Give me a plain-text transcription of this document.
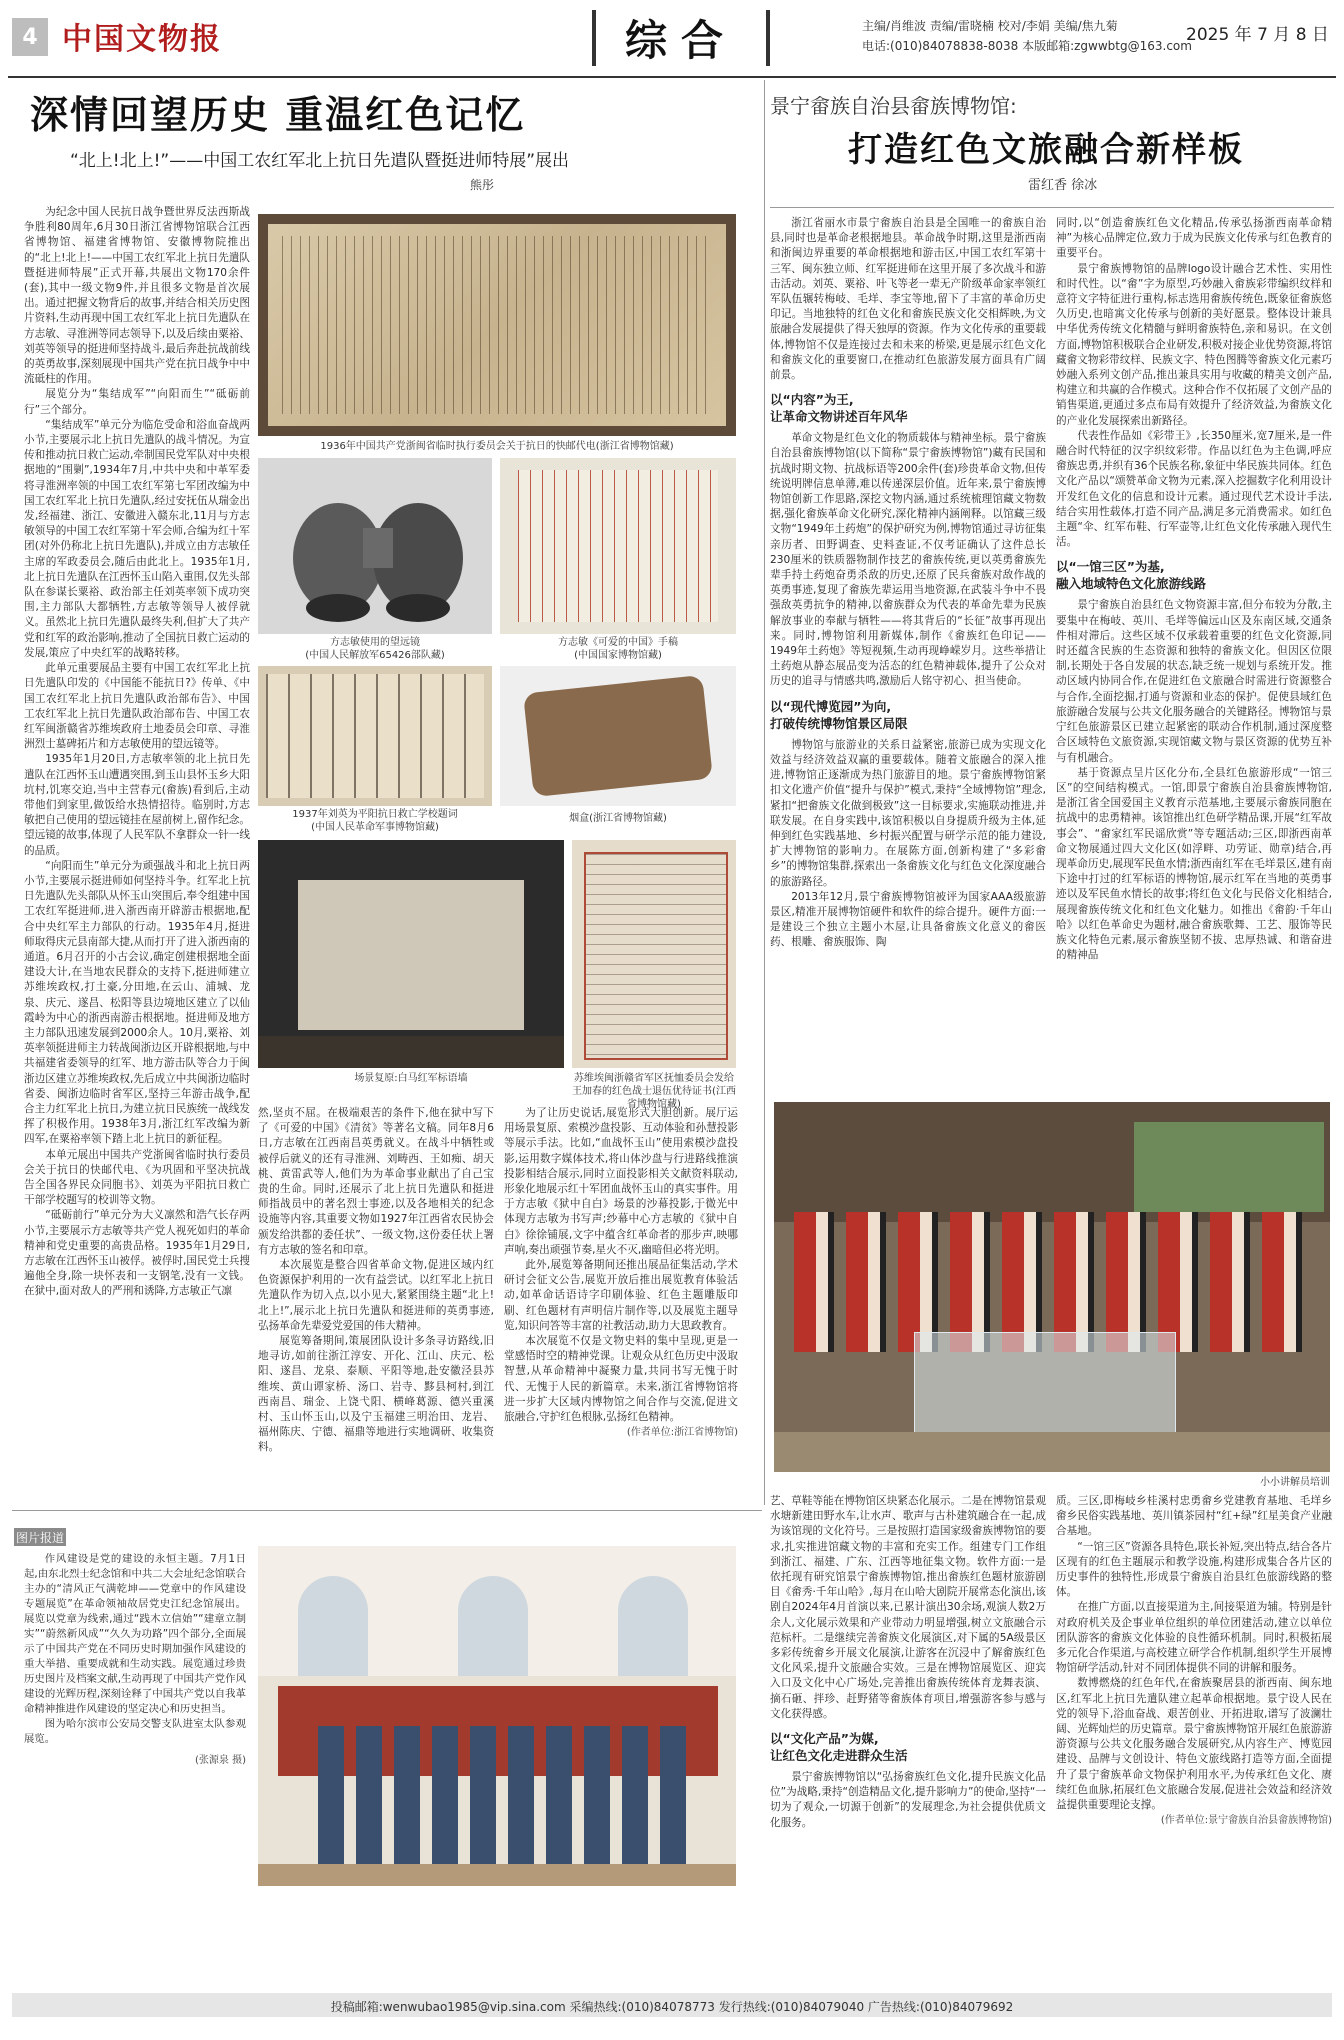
4 中国文物报	综合	主编/肖维波 责编/雷晓楠 校对/李娟 美编/焦九菊
电话:(010)84078838-8038 本版邮箱:zgwwbtg@163.com
2025 年 7 月 8 日
深情回望历史 重温红色记忆
“北上!北上!”——中国工农红军北上抗日先遣队暨挺进师特展”展出
熊彤
景宁畲族自治县畲族博物馆:
打造红色文旅融合新样板
雷红香 徐冰

为纪念中国人民抗日战争暨世界反法西斯战争胜利80周年,6月30日浙江省博物馆联合江西省博物馆、福建省博物馆、安徽博物院推出的“北上!北上!——中国工农红军北上抗日先遣队暨挺进师特展”正式开幕,共展出文物170余件(套),其中一级文物9件,并且很多文物是首次展出。通过把握文物背后的故事,并结合相关历史图片资料,生动再现中国工农红军北上抗日先遣队在方志敏、寻淮洲等同志领导下,以及后续由粟裕、刘英等领导的挺进师坚持战斗,最后奔赴抗战前线的英勇故事,深刻展现中国共产党在抗日战争中中流砥柱的作用。

展览分为“集结成军”“向阳而生”“砥砺前行”三个部分。

“集结成军”单元分为临危受命和浴血奋战两小节,主要展示北上抗日先遣队的战斗情况。为宣传和推动抗日救亡运动,牵制国民党军队对中央根据地的“围剿”,1934年7月,中共中央和中革军委将寻淮洲率领的中国工农红军第七军团改编为中国工农红军北上抗日先遣队,经过安抚伍从瑞金出发,经福建、浙江、安徽进入赣东北,11月与方志敏领导的中国工农红军第十军会师,合编为红十军团(对外仍称北上抗日先遣队),并成立由方志敏任主席的军政委员会,随后由此北上。1935年1月,北上抗日先遣队在江西怀玉山陷入重围,仅先头部队在参谋长粟裕、政治部主任刘英率领下成功突围,主力部队大都牺牲,方志敏等领导人被俘就义。虽然北上抗日先遣队最终失利,但扩大了共产党和红军的政治影响,推动了全国抗日救亡运动的发展,策应了中央红军的战略转移。

此单元重要展品主要有中国工农红军北上抗日先遣队印发的《中国能不能抗日?》传单、《中国工农红军北上抗日先遣队政治部布告》、中国工农红军北上抗日先遣队政治部布告、中国工农红军闽浙赣省苏维埃政府土地委员会印章、寻淮洲烈士墓碑拓片和方志敏使用的望远镜等。

1935年1月20日,方志敏率领的北上抗日先遣队在江西怀玉山遭遇突围,到玉山县怀玉乡大阳坑村,饥寒交迫,当中主营春元(畲族)看到后,主动带他们到家里,做饭给水热情招待。临别时,方志敏把自己使用的望远镜挂在屋前树上,留作纪念。望远镜的故事,体现了人民军队不拿群众一针一线的品质。

“向阳而生”单元分为顽强战斗和北上抗日两小节,主要展示挺进师如何坚持斗争。红军北上抗日先遣队先头部队从怀玉山突围后,奉令组建中国工农红军挺进师,进入浙西南开辟游击根据地,配合中央红军主力部队的行动。1935年4月,挺进师取得庆元县南部大捷,从而打开了进入浙西南的通道。6月召开的小古会议,确定创建根据地全面建设大计,在当地农民群众的支持下,挺进师建立苏维埃政权,打土豪,分田地,在云山、浦城、龙泉、庆元、遂昌、松阳等县边境地区建立了以仙霞岭为中心的浙西南游击根据地。挺进师及地方主力部队迅速发展到2000余人。10月,粟裕、刘英率领挺进师主力转战闽浙边区开辟根据地,与中共福建省委领导的红军、地方游击队等合力于闽浙边区建立苏维埃政权,先后成立中共闽浙边临时省委、闽浙边临时省军区,坚持三年游击战争,配合主力红军北上抗日,为建立抗日民族统一战线发挥了积极作用。1938年3月,浙江红军改编为新四军,在粟裕率领下踏上北上抗日的新征程。

本单元展出中国共产党浙闽省临时执行委员会关于抗日的快邮代电、《为巩固和平坚决抗战告全国各界民众同胞书》、刘英为平阳抗日救亡干部学校题写的校训等文物。

“砥砺前行”单元分为大义凛然和浩气长存两小节,主要展示方志敏等共产党人视死如归的革命精神和党史重要的高贵品格。1935年1月29日,方志敏在江西怀玉山被俘。被俘时,国民党士兵搜遍他全身,除一块怀表和一支钢笔,没有一文钱。在狱中,面对敌人的严刑和诱降,方志敏正气凛

1936年中国共产党浙闽省临时执行委员会关于抗日的快邮代电(浙江省博物馆藏)
方志敏使用的望远镜
(中国人民解放军65426部队藏)
方志敏《可爱的中国》手稿
(中国国家博物馆藏)
1937年刘英为平阳抗日救亡学校题词
(中国人民革命军事博物馆藏)
烟盒(浙江省博物馆藏)
场景复原:白马红军标语墙	苏维埃闽浙赣省军区抚恤委员会发给王加春的红色战士退伍优待证书(江西省博物馆藏)

然,坚贞不屈。在极端艰苦的条件下,他在狱中写下了《可爱的中国》《清贫》等著名文稿。同年8月6日,方志敏在江西南昌英勇就义。在战斗中牺牲或被俘后就义的还有寻淮洲、刘畴西、王如痴、胡天桃、黄雷武等人,他们为为革命事业献出了自己宝贵的生命。同时,还展示了北上抗日先遣队和挺进师指战员中的著名烈士事迹,以及各地相关的纪念设施等内容,其重要文物如1927年江西省农民协会颁发给洪都的委任状”、一级文物,这份委任状上署有方志敏的签名和印章。

本次展览是整合四省革命文物,促进区域内红色资源保护利用的一次有益尝试。以红军北上抗日先遣队作为切入点,以小见大,紧紧围绕主题“北上!北上!”,展示北上抗日先遣队和挺进师的英勇事迹,弘扬革命先辈爱党爱国的伟大精神。

展览筹备期间,策展团队设计多条寻访路线,旧地寻访,如前往浙江淳安、开化、江山、庆元、松阳、遂昌、龙泉、泰顺、平阳等地,赴安徽泾县苏维埃、黄山谭家桥、汤口、岩寺、黟县柯村,到江西南昌、瑞金、上饶弋阳、横峰葛源、德兴重溪村、玉山怀玉山,以及宁玉福建三明治田、龙岩、福州陈庆、宁德、福鼎等地进行实地调研、收集资料。

为了让历史说话,展览形式大胆创新。展厅运用场景复原、索模沙盘投影、互动体验和孙慧投影等展示手法。比如,“血战怀玉山”使用索模沙盘投影,运用数字媒体技术,将山体沙盘与行进路线推演投影相结合展示,同时立面投影相关文献资料联动,形象化地展示红十军团血战怀玉山的真实事件。用于方志敏《狱中自白》场景的沙幕投影,于微光中体现方志敏为书写声;纱幕中心方志敏的《狱中自白》徐徐铺展,文字中蕴含红革命者的那步声,映哪声响,奏出顽强节奏,星火不灭,幽暗但必将光明。

此外,展览筹备期间还推出展品征集活动,学术研讨会征文公告,展览开放后推出展览教育体验活动,如革命话语诗字印刷体验、红色主题雕版印刷、红色题材有声明信片制作等,以及展览主题导览,知识问答等丰富的社教活动,助力大思政教育。

本次展览不仅是文物史料的集中呈现,更是一堂感悟时空的精神党课。让观众从红色历史中汲取智慧,从革命精神中凝聚力量,共同书写无愧于时代、无愧于人民的新篇章。未来,浙江省博物馆将进一步扩大区域内博物馆之间合作与交流,促进文旅融合,守护红色根脉,弘扬红色精神。

(作者单位:浙江省博物馆)

图片报道

作风建设是党的建设的永恒主题。7月1日起,由东北烈士纪念馆和中共二大会址纪念馆联合主办的“清风正气满乾坤——党章中的作风建设专题展览”在革命领袖故居党史江纪念馆展出。展览以党章为线索,通过“践木立信始”“建章立制实”“蔚然新风成”“久久为功路”四个部分,全面展示了中国共产党在不同历史时期加强作风建设的重大举措、重要成就和生动实践。展览通过珍贵历史图片及档案文献,生动再现了中国共产党作风建设的光辉历程,深刻诠释了中国共产党以自我革命精神推进作风建设的坚定决心和历史担当。

图为哈尔滨市公安局交警支队进室太队参观展览。

(张源泉 摄)

浙江省丽水市景宁畲族自治县是全国唯一的畲族自治县,同时也是革命老根据地县。革命战争时期,这里是浙西南和浙闽边界重要的革命根据地和游击区,中国工农红军第十三军、闽东独立师、红军挺进师在这里开展了多次战斗和游击活动。刘英、粟裕、叶飞等老一辈无产阶级革命家率领红军队伍辗转梅岐、毛垟、李宝等地,留下了丰富的革命历史印记。当地独特的红色文化和畲族民族文化交相辉映,为文旅融合发展提供了得天独厚的资源。作为文化传承的重要载体,博物馆不仅是连接过去和未来的桥梁,更是展示红色文化和畲族文化的重要窗口,在推动红色旅游发展方面具有广阔前景。

以“内容”为王,
让革命文物讲述百年风华

革命文物是红色文化的物质载体与精神坐标。景宁畲族自治县畲族博物馆(以下简称“景宁畲族博物馆”)藏有民国和抗战时期文物、抗战标语等200余件(套)珍贵革命文物,但传统说明牌信息单薄,难以传递深层价值。近年来,景宁畲族博物馆创新工作思路,深挖文物内涵,通过系统梳理馆藏文物数据,强化畲族革命文化研究,深化精神内涵阐释。以馆藏三级文物“1949年土药炮”的保护研究为例,博物馆通过寻访征集亲历者、田野调查、史料查证,不仅考证确认了这件总长230厘米的铁质器物制作技艺的畲族传统,更以英勇畲族先辈手持土药炮奋勇杀敌的历史,还原了民兵畲族对敌作战的英勇事迹,复现了畲族先辈运用当地资源,在武装斗争中不畏强敌英勇抗争的精神,以畲族群众为代表的革命先辈为民族解放事业的奉献与牺牲——将其背后的“长征”故事再现出来。同时,博物馆利用新媒体,制作《畲族红色印记——1949年土药炮》等短视频,生动再现峥嵘岁月。这些举措让土药炮从静态展品变为活态的红色精神载体,提升了公众对历史的追寻与情感共鸣,激励后人铭守初心、担当使命。

以“现代博览园”为向,
打破传统博物馆景区局限

博物馆与旅游业的关系日益紧密,旅游已成为实现文化效益与经济效益双赢的重要载体。随着文旅融合的深入推进,博物馆正逐渐成为热门旅游目的地。景宁畲族博物馆紧扣文化遗产价值“提升与保护”模式,秉持“全域博物馆”理念,紧扣“把畲族文化做到极致”这一目标要求,实施联动推进,并联发展。在自身实践中,该馆积极以自身提质升级为主体,延伸到红色实践基地、乡村振兴配置与研学示范的能力建设,扩大博物馆的影响力。在展陈方面,创新构建了“多彩畲乡”的博物馆集群,探索出一条畲族文化与红色文化深度融合的旅游路径。

2013年12月,景宁畲族博物馆被评为国家AAA级旅游景区,精准开展博物馆硬件和软件的综合提升。硬件方面:一是建设三个独立主题小木屋,让具备畲族文化意义的畲医药、根雕、畲族服饰、陶

同时,以“创造畲族红色文化精品,传承弘扬浙西南革命精神”为核心品牌定位,致力于成为民族文化传承与红色教育的重要平台。

景宁畲族博物馆的品牌logo设计融合艺术性、实用性和时代性。以“畲”字为原型,巧妙融入畲族彩带编织纹样和意符文字特征进行重构,标志选用畲族传统色,既象征畲族悠久历史,也暗寓文化传承与创新的美好愿景。整体设计兼具中华优秀传统文化精髓与鲜明畲族特色,亲和易识。在文创方面,博物馆积极联合企业研发,积极对接企业优势资源,将馆藏畲文物彩带纹样、民族文字、特色图腾等畲族文化元素巧妙融入系列文创产品,推出兼具实用与收藏的精美文创产品,构建立和共赢的合作模式。这种合作不仅拓展了文创产品的销售渠道,更通过多点布局有效提升了经济效益,为畲族文化的产业化发展探索出新路径。

代表性作品如《彩带王》,长350厘米,宽7厘米,是一件融合时代特征的汉字织纹彩带。作品以红色为主色调,呼应畲族忠勇,并织有36个民族名称,象征中华民族共同体。红色文化产品以“颂赞革命文物为元素,深入挖掘数字化利用设计开发红色文化的信息和设计元素。通过现代艺术设计手法,结合实用性载体,打造不同产品,满足多元消费需求。如红色主题“伞、红军布鞋、行军壶等,让红色文化传承融入现代生活。

以“一馆三区”为基,
融入地域特色文化旅游线路

景宁畲族自治县红色文物资源丰富,但分布较为分散,主要集中在梅岐、英川、毛垟等偏远山区及东南区域,交通条件相对滞后。这些区域不仅承载着重要的红色文化资源,同时还蕴含民族的生态资源和独特的畲族文化。但因区位限制,长期处于各自发展的状态,缺乏统一规划与系统开发。推动区域内协同合作,在促进红色文旅融合时需进行资源整合与合作,全面挖掘,打通与资源和业态的保护。促使县域红色旅游融合发展与公共文化服务融合的关键路径。博物馆与景宁红色旅游景区已建立起紧密的联动合作机制,通过深度整合区域特色文旅资源,实现馆藏文物与景区资源的优势互补与有机融合。

基于资源点呈片区化分布,全县红色旅游形成“一馆三区”的空间结构模式。一馆,即景宁畲族自治县畲族博物馆,是浙江省全国爱国主义教育示范基地,主要展示畲族同胞在抗战中的忠勇精神。该馆推出红色研学精品课,开展“红军故事会”、“畲家红军民谣欣赏”等专题活动;三区,即浙西南革命文物展通过四大文化区(如浮畔、功劳证、勋章)结合,再现革命历史,展现军民鱼水情;浙西南红军在毛垟景区,建有南下途中打过的红军标语的博物馆,展示红军在当地的英勇事迹以及军民鱼水情长的故事;将红色文化与民俗文化相结合,展现畲族传统文化和红色文化魅力。如推出《畲韵·千年山哈》以红色革命史为题材,融合畲族歌舞、工艺、服饰等民族文化特色元素,展示畲族坚韧不拔、忠厚热诚、和谐奋进的精神品

小小讲解员培训

艺、草鞋等能在博物馆区块紧态化展示。二是在博物馆景观水塘新建田野水车,让水声、歌声与古朴建筑融合在一起,成为该馆现的文化符号。三是按照打造国家级畲族博物馆的要求,扎实推进馆藏文物的丰富和充实工作。组建专门工作组到浙江、福建、广东、江西等地征集文物。软件方面:一是依托现有研究馆景宁畲族博物馆,推出畲族红色题材旅游剧目《畲秀·千年山哈》,每月在山哈大剧院开展常态化演出,该剧自2024年4月首演以来,已累计演出30余场,观演人数2万余人,文化展示效果和产业带动力明显增强,树立文旅融合示范标杆。二是继续完善畲族文化展演区,对下属的5A级景区多彩传统畲乡开展文化展演,让游客在沉浸中了解畲族红色文化风采,提升文旅融合实效。三是在博物馆展览区、迎宾入口及文化中心广场处,完善推出畲族传统体育龙舞表演、摘石砸、拌珍、赶野猪等畲族体育项目,增强游客参与感与文化获得感。

以“文化产品”为媒,
让红色文化走进群众生活

景宁畲族博物馆以“弘扬畲族红色文化,提升民族文化品位”为战略,秉持“创造精品文化,提升影响力”的使命,坚持“一切为了观众,一切源于创新”的发展理念,为社会提供优质文化服务。

质。三区,即梅岐乡桂溪村忠勇畲乡党建教育基地、毛垟乡畲乡民俗实践基地、英川镇茶园村“红+绿”红星美食产业融合基地。

“一馆三区”资源各具特色,联长补短,突出特点,结合各片区现有的红色主题展示和教学设施,构建形成集合各片区的历史事件的独特性,形成景宁畲族自治县红色旅游线路的整体。

在推广方面,以直接渠道为主,间接渠道为辅。特别是针对政府机关及企事业单位组织的单位团建活动,建立以单位团队游客的畲族文化体验的良性循环机制。同时,积极拓展多元化合作渠道,与高校建立研学合作机制,组织学生开展博物馆研学活动,针对不同团体提供不同的讲解和服务。

数博燃烧的红色年代,在畲族聚居县的浙西南、闽东地区,红军北上抗日先遣队建立起革命根据地。景宁设人民在党的领导下,浴血奋战、艰苦创业、开拓进取,谱写了波澜壮阔、光辉灿烂的历史篇章。景宁畲族博物馆开展红色旅游游游资源与公共文化服务融合发展研究,从内容生产、博览园建设、品牌与文创设计、特色文旅线路打造等方面,全面提升了景宁畲族革命文物保护利用水平,为传承红色文化、赓续红色血脉,拓展红色文旅融合发展,促进社会效益和经济效益提供重要理论支撑。

(作者单位:景宁畲族自治县畲族博物馆)

投稿邮箱:wenwubao1985@vip.sina.com 采编热线:(010)84078773 发行热线:(010)84079040 广告热线:(010)84079692
